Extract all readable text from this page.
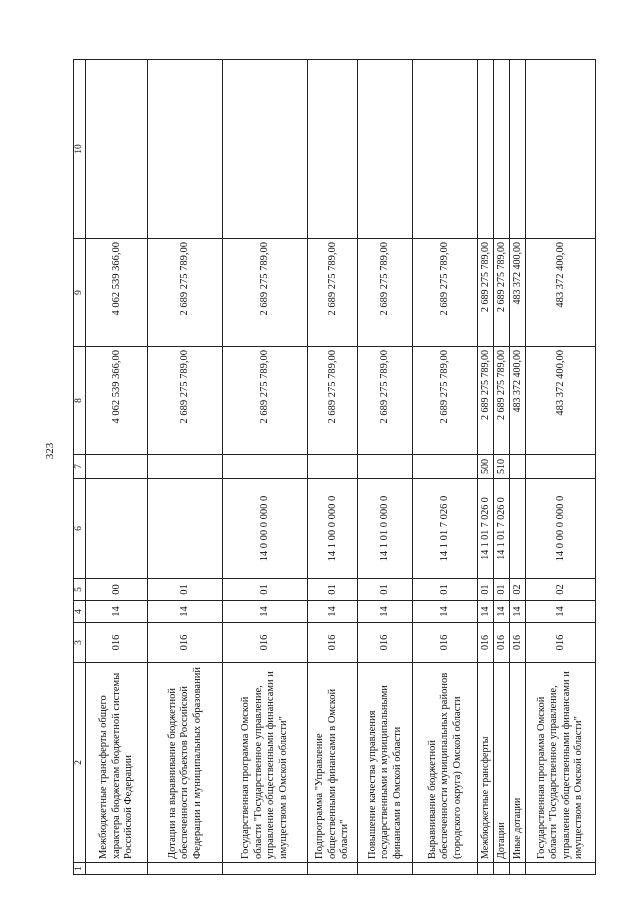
323
1	2	3	4	5	6	7	8	9	10
	Межбюджетные трансферты общего характера бюджетам бюджетной системы Российской Федерации	016	14	00			4 062 539 366,00	4 062 539 366,00	
	Дотации на выравнивание бюджетной обеспеченности субъектов Российской Федерации и муниципальных образований	016	14	01			2 689 275 789,00	2 689 275 789,00	
	Государственная программа Омской области "Государственное управление, управление общественными финансами и имуществом в Омской области"	016	14	01	14 0 00 0 000 0		2 689 275 789,00	2 689 275 789,00	
	Подпрограмма "Управление общественными финансами в Омской области"	016	14	01	14 1 00 0 000 0		2 689 275 789,00	2 689 275 789,00	
	Повышение качества управления государственными и муниципальными финансами в Омской области	016	14	01	14 1 01 0 000 0		2 689 275 789,00	2 689 275 789,00	
	Выравнивание бюджетной обеспеченности муниципальных районов (городского округа) Омской области	016	14	01	14 1 01 7 026 0		2 689 275 789,00	2 689 275 789,00	
	Межбюджетные трансферты	016	14	01	14 1 01 7 026 0	500	2 689 275 789,00	2 689 275 789,00	
	Дотации	016	14	01	14 1 01 7 026 0	510	2 689 275 789,00	2 689 275 789,00	
	Иные дотации	016	14	02			483 372 400,00	483 372 400,00	
	Государственная программа Омской области "Государственное управление, управление общественными финансами и имуществом в Омской области"	016	14	02	14 0 00 0 000 0		483 372 400,00	483 372 400,00	
